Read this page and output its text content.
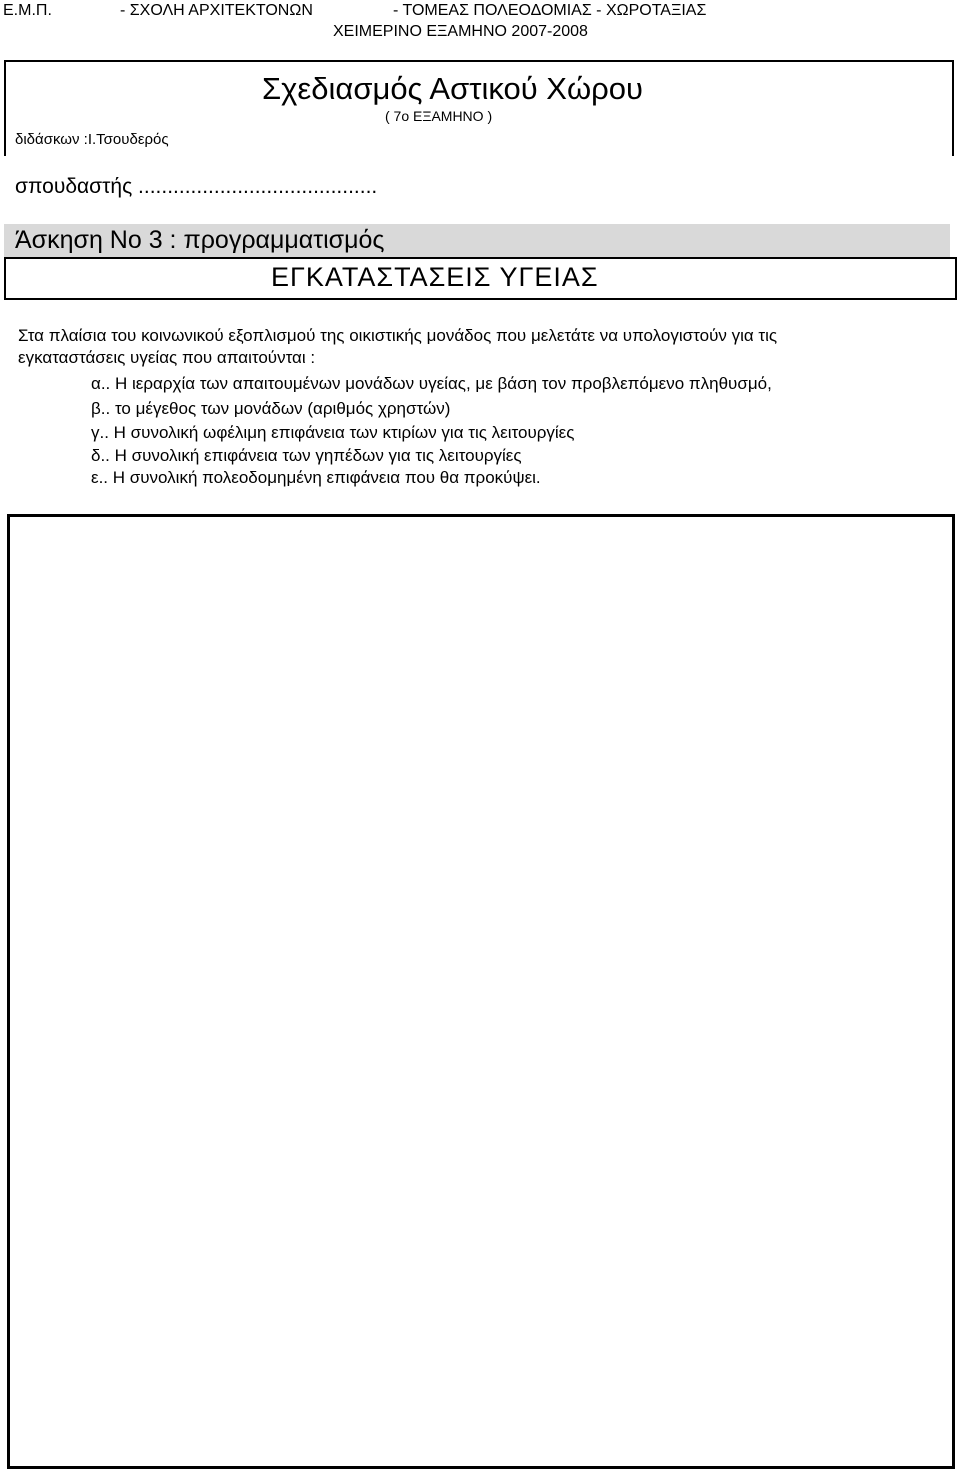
Ε.Μ.Π.	- ΣΧΟΛΗ ΑΡΧΙΤΕΚΤΟΝΩΝ	- ΤΟΜΕΑΣ ΠΟΛΕΟΔΟΜΙΑΣ - ΧΩΡΟΤΑΞΙΑΣ
ΧΕΙΜΕΡΙΝΟ ΕΞΑΜΗΝΟ 2007-2008
Σχεδιασμός Αστικού Χώρου
( 7ο ΕΞΑΜΗΝΟ )
διδάσκων :Ι.Τσουδερός
σπουδαστής .........................................
Άσκηση Νο 3 : προγραμματισμός
ΕΓΚΑΤΑΣΤΑΣΕΙΣ ΥΓΕΙΑΣ
Στα πλαίσια του κοινωνικού εξοπλισμού της οικιστικής μονάδος που μελετάτε να υπολογιστούν για τις
εγκαταστάσεις υγείας που απαιτούνται :
α.. Η ιεραρχία των απαιτουμένων μονάδων υγείας, με βάση τον προβλεπόμενο πληθυσμό,
β.. το μέγεθος των μονάδων (αριθμός χρηστών)
γ.. Η συνολική ωφέλιμη επιφάνεια των κτιρίων για τις λειτουργίες
δ.. Η συνολική επιφάνεια των γηπέδων για τις λειτουργίες
ε.. Η συνολική πολεοδομημένη επιφάνεια που θα προκύψει.
